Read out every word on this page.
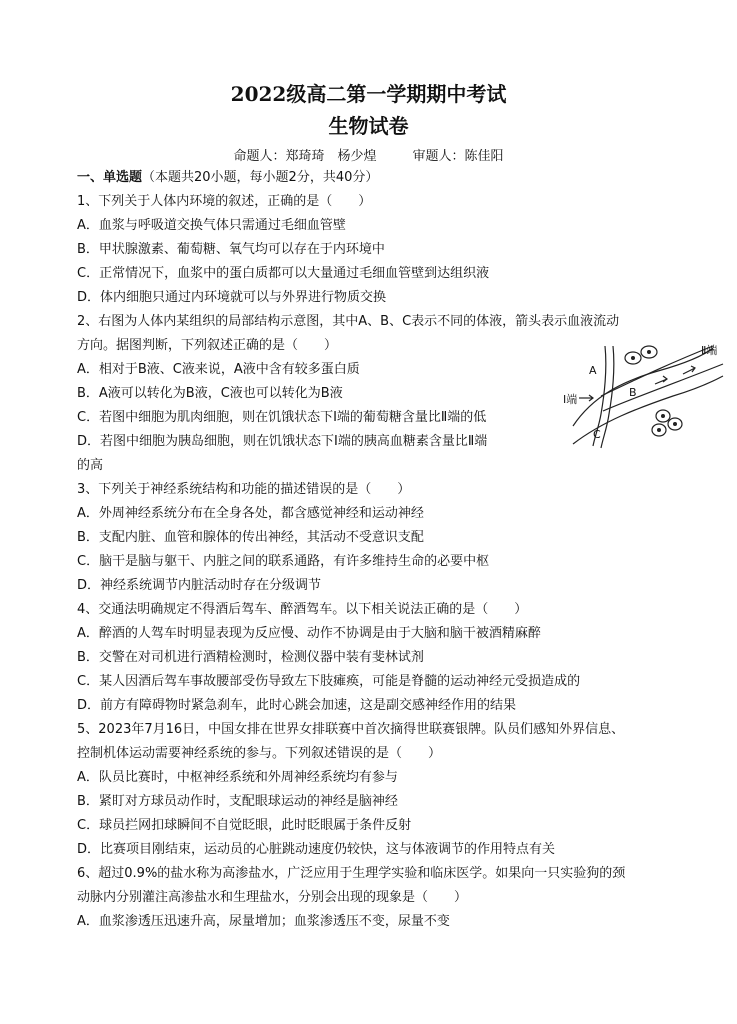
2022级高二第一学期期中考试
生物试卷
命题人：郑琦琦　杨少煌	审题人：陈佳阳
一、单选题（本题共20小题，每小题2分，共40分）
1、下列关于人体内环境的叙述，正确的是（　　）
A．血浆与呼吸道交换气体只需通过毛细血管壁
B．甲状腺激素、葡萄糖、氧气均可以存在于内环境中
C．正常情况下，血浆中的蛋白质都可以大量通过毛细血管壁到达组织液
D．体内细胞只通过内环境就可以与外界进行物质交换
2、右图为人体内某组织的局部结构示意图，其中A、B、C表示不同的体液，箭头表示血液流动
方向。据图判断，下列叙述正确的是（　　）
A．相对于B液、C液来说，A液中含有较多蛋白质
B．A液可以转化为B液，C液也可以转化为B液
C．若图中细胞为肌肉细胞，则在饥饿状态下Ⅰ端的葡萄糖含量比Ⅱ端的低
D．若图中细胞为胰岛细胞，则在饥饿状态下Ⅰ端的胰高血糖素含量比Ⅱ端
的高
3、下列关于神经系统结构和功能的描述错误的是（　　）
A．外周神经系统分布在全身各处，都含感觉神经和运动神经
B．支配内脏、血管和腺体的传出神经，其活动不受意识支配
C．脑干是脑与躯干、内脏之间的联系通路，有许多维持生命的必要中枢
D．神经系统调节内脏活动时存在分级调节
4、交通法明确规定不得酒后驾车、醉酒驾车。以下相关说法正确的是（　　）
A．醉酒的人驾车时明显表现为反应慢、动作不协调是由于大脑和脑干被酒精麻醉
B．交警在对司机进行酒精检测时，检测仪器中装有斐林试剂
C．某人因酒后驾车事故腰部受伤导致左下肢瘫痪，可能是脊髓的运动神经元受损造成的
D．前方有障碍物时紧急刹车，此时心跳会加速，这是副交感神经作用的结果
5、2023年7月16日，中国女排在世界女排联赛中首次摘得世联赛银牌。队员们感知外界信息、
控制机体运动需要神经系统的参与。下列叙述错误的是（　　）
A．队员比赛时，中枢神经系统和外周神经系统均有参与
B．紧盯对方球员动作时，支配眼球运动的神经是脑神经
C．球员拦网扣球瞬间不自觉眨眼，此时眨眼属于条件反射
D．比赛项目刚结束，运动员的心脏跳动速度仍较快，这与体液调节的作用特点有关
6、超过0.9%的盐水称为高渗盐水，广泛应用于生理学实验和临床医学。如果向一只实验狗的颈
动脉内分别灌注高渗盐水和生理盐水，分别会出现的现象是（　　）
A．血浆渗透压迅速升高，尿量增加；血浆渗透压不变，尿量不变
Ⅰ端
Ⅱ端
A
B
C
